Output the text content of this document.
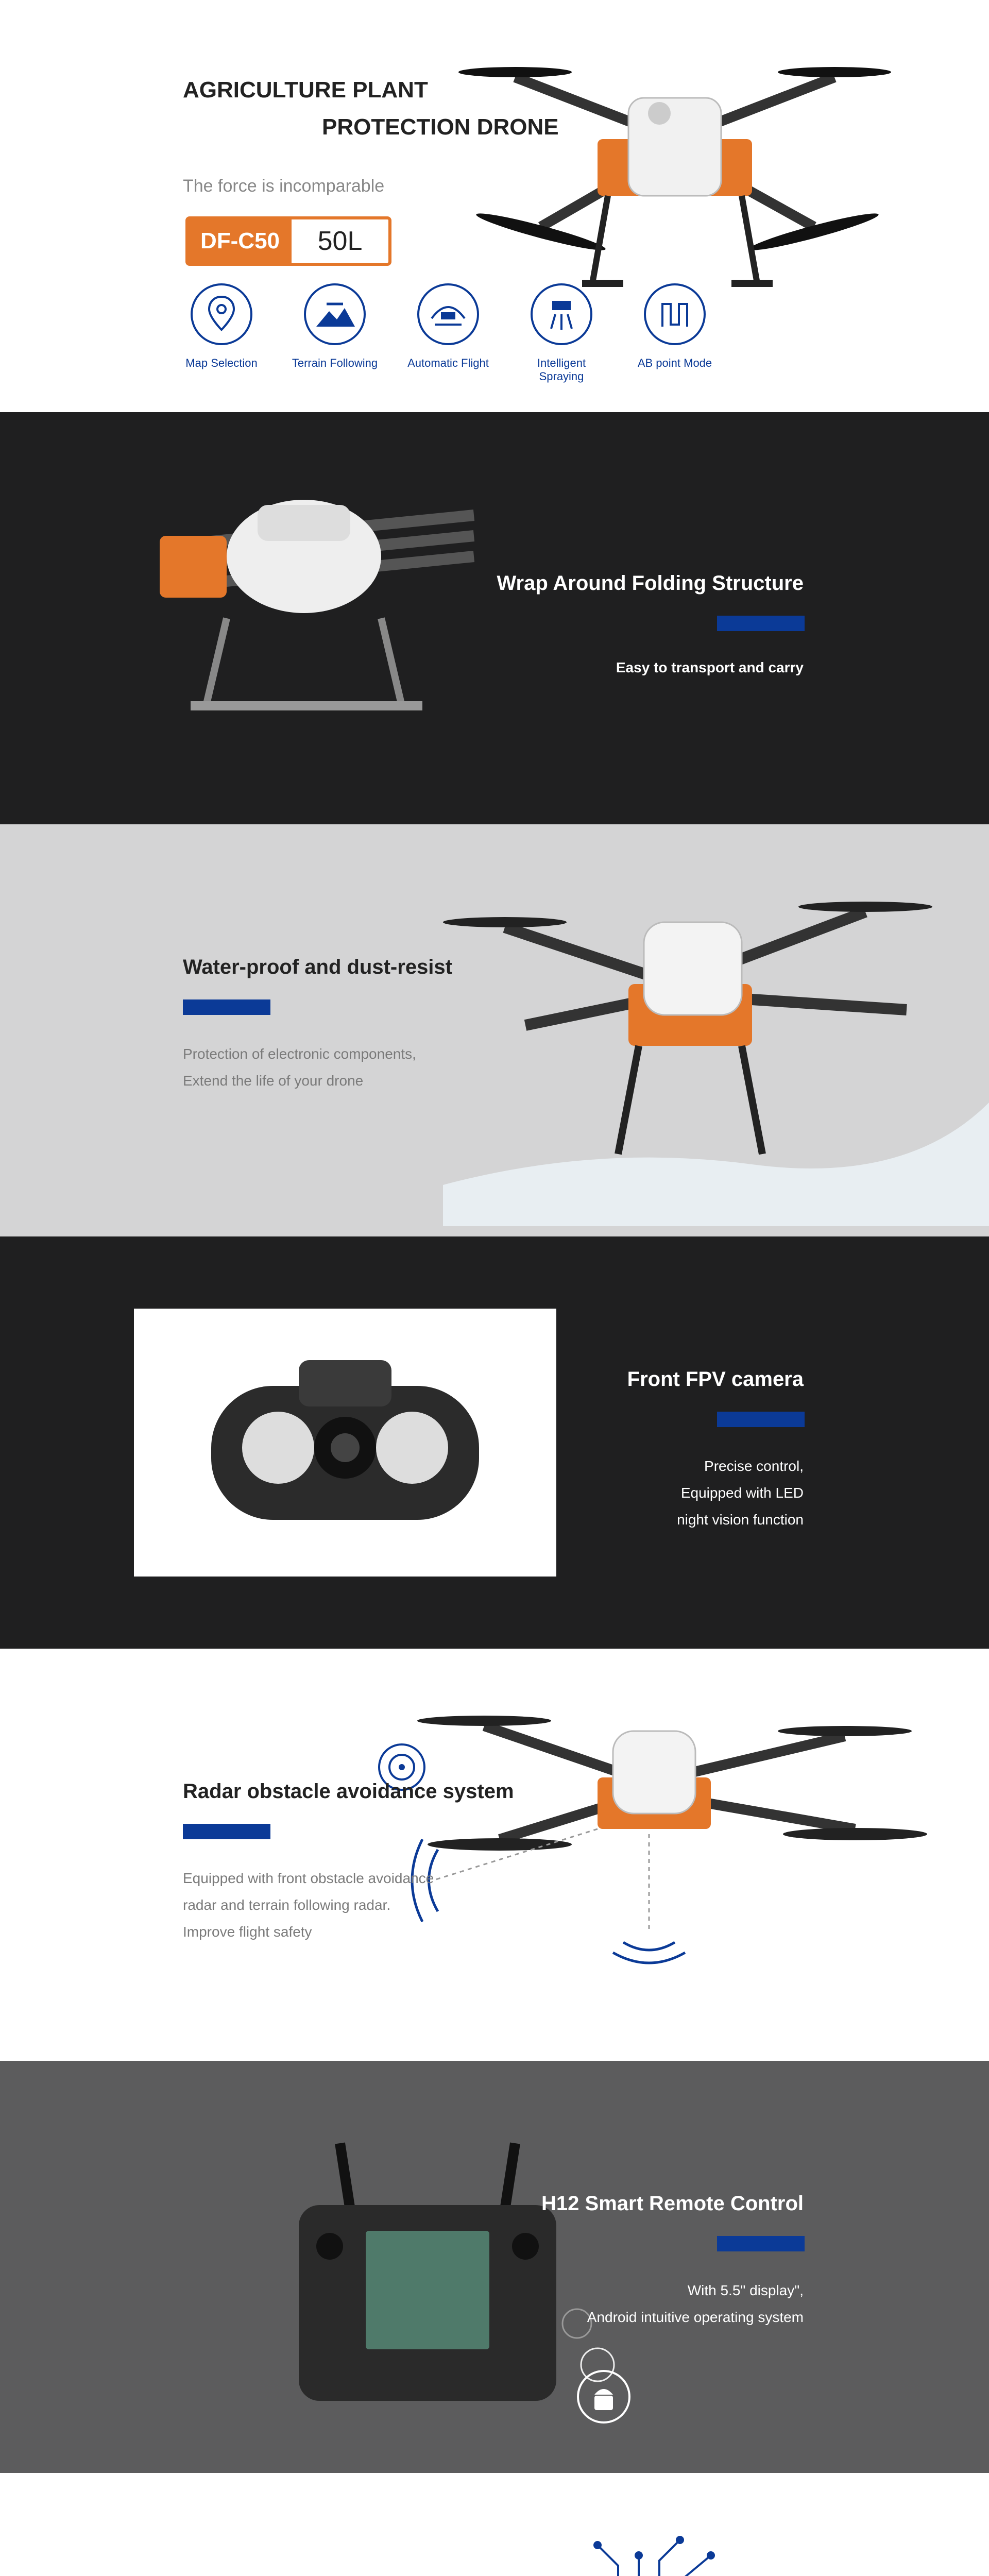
AGRICULTURE PLANT
PROTECTION DRONE
The force is incomparable
DF-C50	50L
Map Selection	Terrain Following	Automatic Flight	Intelligent Spraying
AB point Mode
Wrap Around Folding Structure
Easy to transport and carry
Water-proof and dust-resist
Protection of electronic components,
Extend the life of your drone
Front FPV camera
Precise control,
Equipped with LED
night vision function
Radar obstacle avoidance system
Equipped with front obstacle avoidance
radar and terrain following radar.
Improve flight safety
H12 Smart Remote Control
With 5.5" display",
Android intuitive operating system
